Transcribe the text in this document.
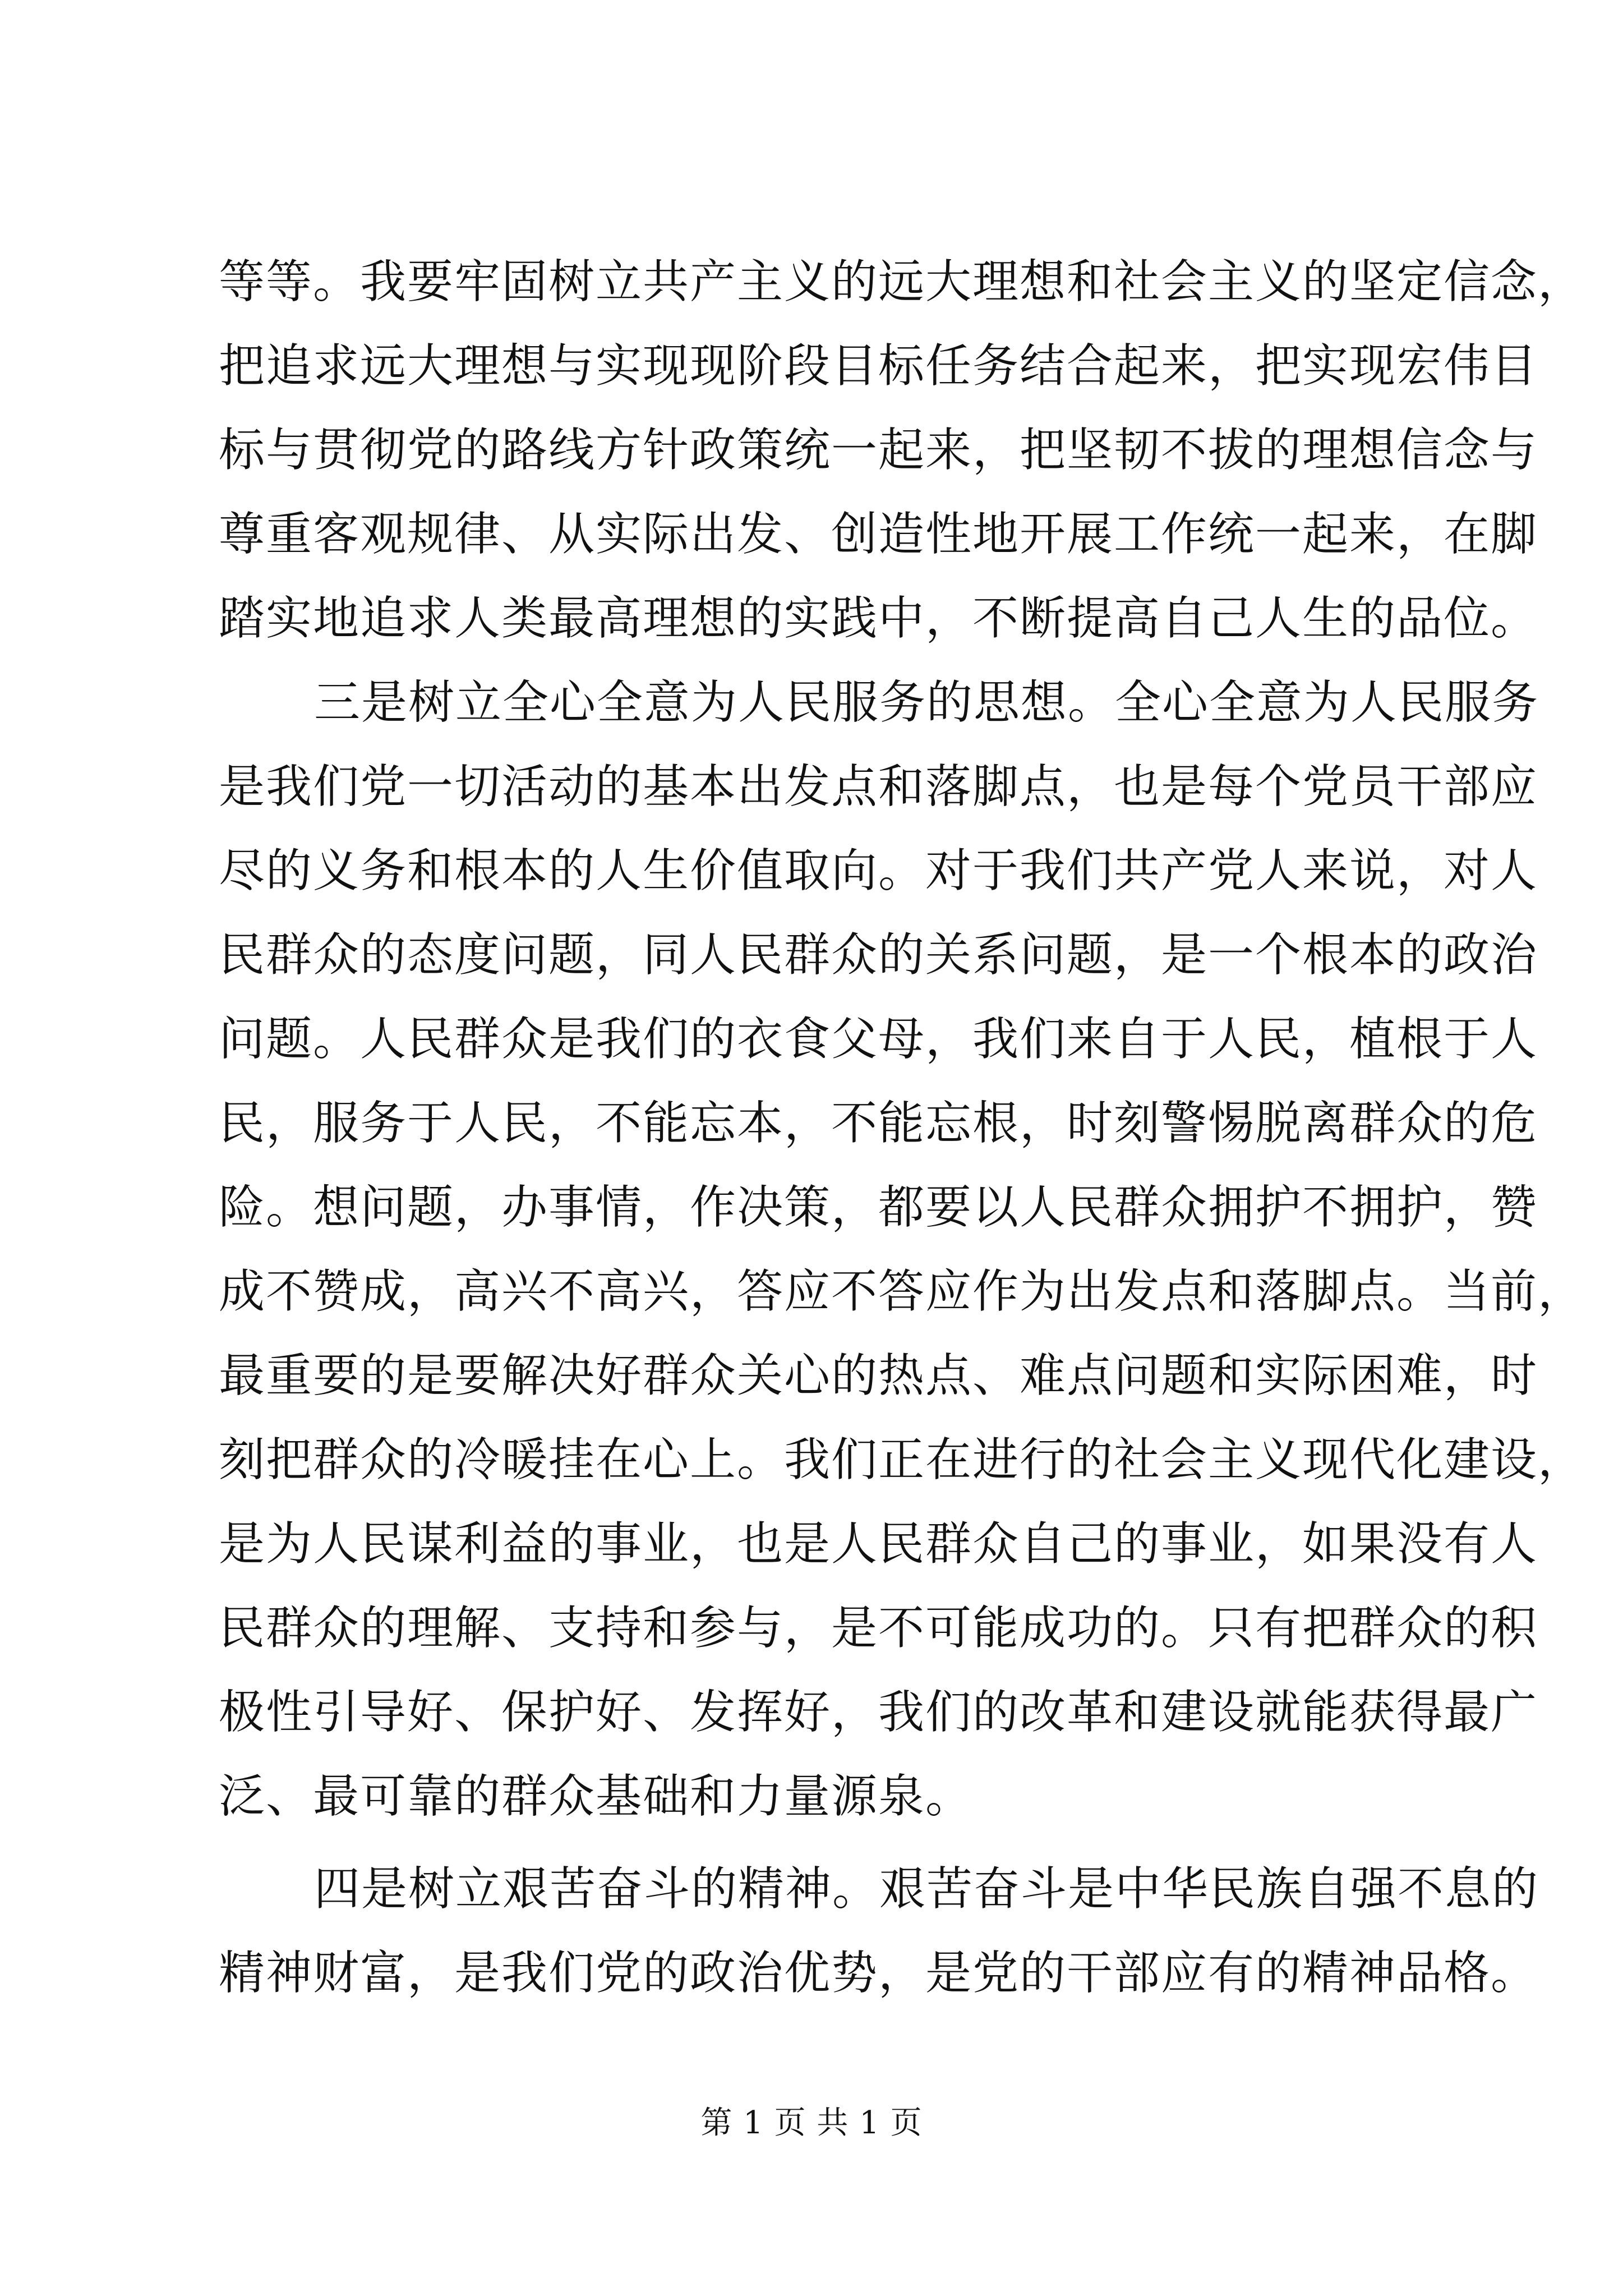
等等。我要牢固树立共产主义的远大理想和社会主义的坚定信念，
把追求远大理想与实现现阶段目标任务结合起来，把实现宏伟目
标与贯彻党的路线方针政策统一起来，把坚韧不拔的理想信念与
尊重客观规律、从实际出发、创造性地开展工作统一起来，在脚
踏实地追求人类最高理想的实践中，不断提高自己人生的品位。
三是树立全心全意为人民服务的思想。全心全意为人民服务
是我们党一切活动的基本出发点和落脚点，也是每个党员干部应
尽的义务和根本的人生价值取向。对于我们共产党人来说，对人
民群众的态度问题，同人民群众的关系问题，是一个根本的政治
问题。人民群众是我们的衣食父母，我们来自于人民，植根于人
民，服务于人民，不能忘本，不能忘根，时刻警惕脱离群众的危
险。想问题，办事情，作决策，都要以人民群众拥护不拥护，赞
成不赞成，高兴不高兴，答应不答应作为出发点和落脚点。当前，
最重要的是要解决好群众关心的热点、难点问题和实际困难，时
刻把群众的冷暖挂在心上。我们正在进行的社会主义现代化建设，
是为人民谋利益的事业，也是人民群众自己的事业，如果没有人
民群众的理解、支持和参与，是不可能成功的。只有把群众的积
极性引导好、保护好、发挥好，我们的改革和建设就能获得最广
泛、最可靠的群众基础和力量源泉。
四是树立艰苦奋斗的精神。艰苦奋斗是中华民族自强不息的
精神财富，是我们党的政治优势，是党的干部应有的精神品格。
第 1 页 共 1 页
